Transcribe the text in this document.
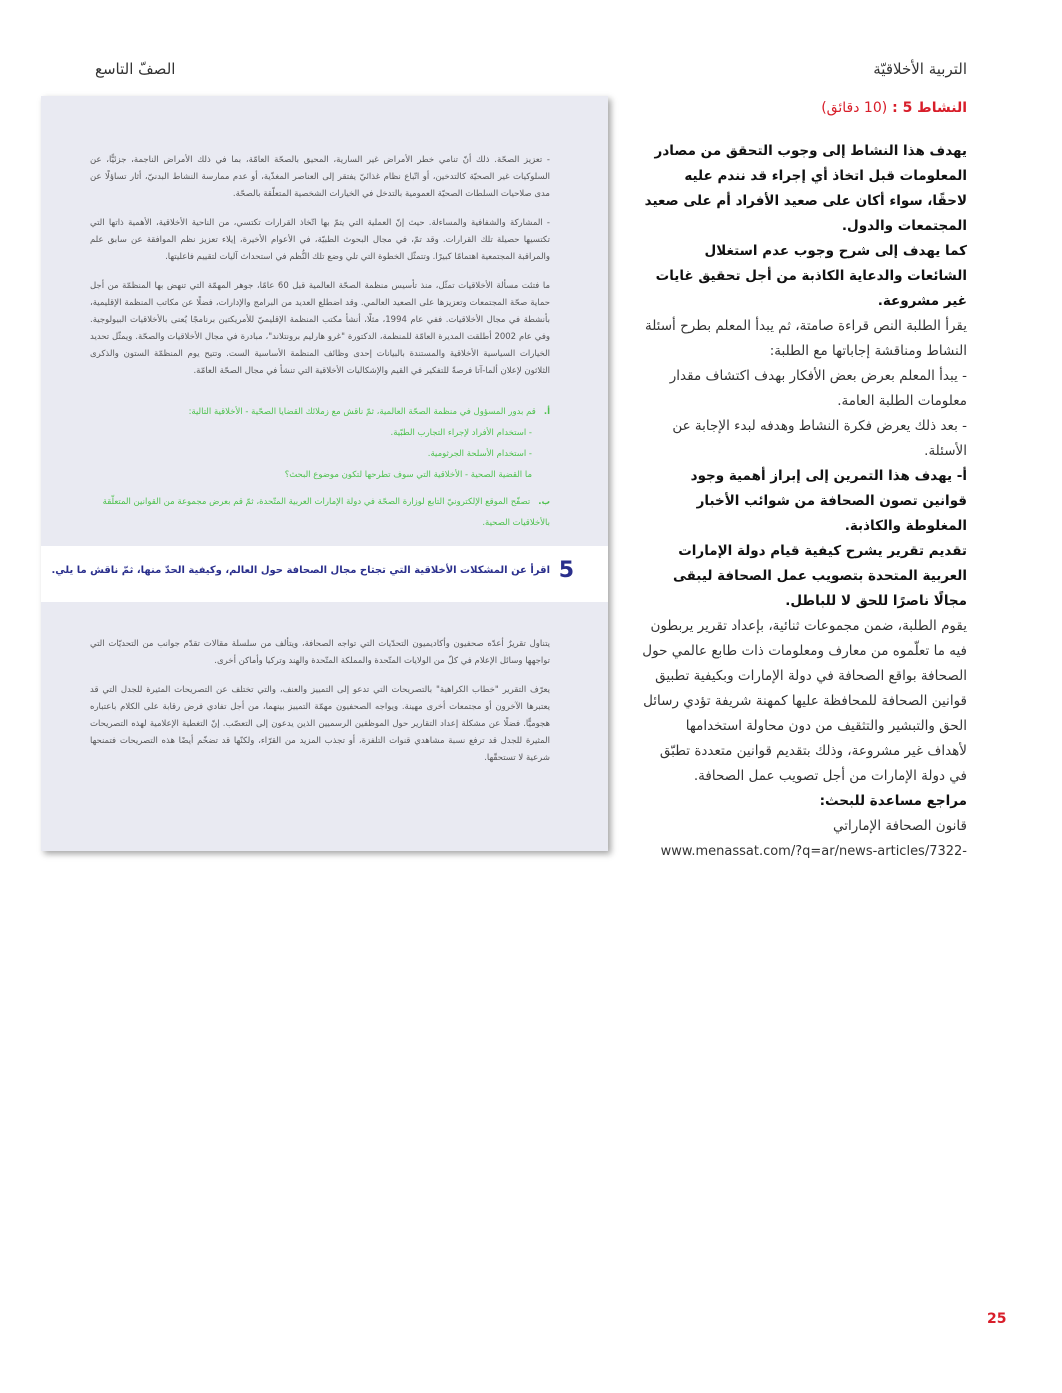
التربية الأخلاقيّة
الصفّ التاسع
النشاط 5 : (10 دقائق)

يهدف هذا النشاط إلى وجوب التحقق من مصادر المعلومات قبل اتخاذ أي إجراء قد نندم عليه لاحقًا، سواء أكان على صعيد الأفراد أم على صعيد المجتمعات والدول.

كما يهدف إلى شرح وجوب عدم استغلال الشائعات والدعاية الكاذبة من أجل تحقيق غايات غير مشروعة.

يقرأ الطلبة النص قراءة صامتة، ثم يبدأ المعلم بطرح أسئلة النشاط ومناقشة إجاباتها مع الطلبة:

- يبدأ المعلم بعرض بعض الأفكار بهدف اكتشاف مقدار معلومات الطلبة العامة.

- بعد ذلك يعرض فكرة النشاط وهدفه لبدء الإجابة عن الأسئلة.

أ- يهدف هذا التمرين إلى إبراز أهمية وجود قوانين تصون الصحافة من شوائب الأخبار المغلوطة والكاذبة.

تقديم تقرير يشرح كيفية قيام دولة الإمارات العربية المتحدة بتصويب عمل الصحافة ليبقى مجالًا ناصرًا للحق لا للباطل.

يقوم الطلبة، ضمن مجموعات ثنائية، بإعداد تقرير يربطون فيه ما تعلّموه من معارف ومعلومات ذات طابع عالمي حول الصحافة بواقع الصحافة في دولة الإمارات وبكيفية تطبيق قوانين الصحافة للمحافظة عليها كمهنة شريفة تؤدي رسائل الحق والتبشير والتثقيف من دون محاولة استخدامها لأهداف غير مشروعة، وذلك بتقديم قوانين متعددة تطبّق في دولة الإمارات من أجل تصويب عمل الصحافة.

مراجع مساعدة للبحث:

قانون الصحافة الإماراتي

www.menassat.com/?q=ar/news-articles/7322-

- تعزيز الصحّة. ذلك أنّ تنامي خطر الأمراض غير السارية، المحيق بالصحّة العامّة، بما في ذلك الأمراض الناجمة، جزئيًّا، عن السلوكيات غير الصحيّة كالتدخين، أو اتّباع نظام غذائيّ يفتقر إلى العناصر المغذّية، أو عدم ممارسة النشاط البدنيّ، أثار تساؤلًا عن مدى صلاحيات السلطات الصحيّة العمومية بالتدخل في الخيارات الشخصية المتعلّقة بالصحّة.

- المشاركة والشفافية والمساءلة. حيث إنّ العملية التي يتمّ بها اتّخاذ القرارات تكتسي، من الناحية الأخلاقية، الأهمية ذاتها التي تكتسيها حصيلة تلك القرارات. وقد تمّ، في مجال البحوث الطبيّة، في الأعوام الأخيرة، إيلاء تعزيز نظم الموافقة عن سابق علم والمراقبة المجتمعية اهتمامًا كبيرًا. وتتمثّل الخطوة التي تلي وضع تلك النُّظم في استحداث آليات لتقييم فاعليتها.

ما فتئت مسألة الأخلاقيات تمثّل، منذ تأسيس منظمة الصحّة العالمية قبل 60 عامًا، جوهر المهمّة التي تنهض بها المنظمّة من أجل حماية صحّة المجتمعات وتعزيزها على الصعيد العالمي. وقد اضطلع العديد من البرامج والإدارات، فضلًا عن مكاتب المنظمة الإقليمية، بأنشطة في مجال الأخلاقيات. ففي عام 1994، مثلًا، أنشأ مكتب المنظمة الإقليميّ للأمريكتين برنامجًا يُعنى بالأخلاقيات البيولوجية. وفي عام 2002 أطلقت المديرة العامّة للمنظمة، الدكتورة "غرو هارليم برونتلاند"، مبادرة في مجال الأخلاقيات والصحّة. ويمثّل تحديد الخيارات السياسية الأخلاقية والمستندة بالبيانات إحدى وظائف المنظمة الأساسية الست. وتتيح يوم المنظمّة الستون والذكرى الثلاثون لإعلان ألما-آتا فرصةً للتفكير في القيم والإشكاليات الأخلاقية التي تنشأ في مجال الصحّة العامّة.

أ.قم بدور المسؤول في منظمة الصحّة العالمية، ثمّ ناقش مع زملائك القضايا الصحّية - الأخلاقية التالية:

- استخدام الأفراد لإجراء التجارب الطبّية.

- استخدام الأسلحة الجرثومية.

ما القضية الصحية - الأخلاقية التي سوف تطرحها لتكون موضوع البحث؟

ب.تصفّح الموقع الإلكترونيّ التابع لوزارة الصحّة في دولة الإمارات العربية المتّحدة، ثمّ قم بعرض مجموعة من القوانين المتعلّقة بالأخلاقيات الصحية.

5
اقرأ عن المشكلات الأخلاقية التي تجتاح مجال الصحافة حول العالم، وكيفية الحدّ منها، ثمّ ناقش ما يلي.

يتناول تقريرٌ أعدّه صحفيون وأكاديميون التحدّيات التي تواجه الصحافة، ويتألف من سلسلة مقالات تقدّم جوانب من التحديّات التي تواجهها وسائل الإعلام في كلّ من الولايات المتّحدة والمملكة المتّحدة والهند وتركيا وأماكن أخرى.

يعرّف التقرير "خطاب الكراهية" بالتصريحات التي تدعو إلى التمييز والعنف، والتي تختلف عن التصريحات المثيرة للجدل التي قد يعتبرها الآخرون أو مجتمعات أخرى مهينة. ويواجه الصحفيون مهمّة التمييز بينهما، من أجل تفادي فرض رقابة على الكلام باعتباره هجوميًّا. فضلًا عن مشكلة إعداد التقارير حول الموظفين الرسميين الذين يدعون إلى التعصّب. إنّ التغطية الإعلامية لهذه التصريحات المثيرة للجدل قد ترفع نسبة مشاهدي قنوات التلفزة، أو تجذب المزيد من القرّاء، ولكنّها قد تضخّم أيضًا هذه التصريحات فتمنحها شرعية لا تستحقّها.

25
